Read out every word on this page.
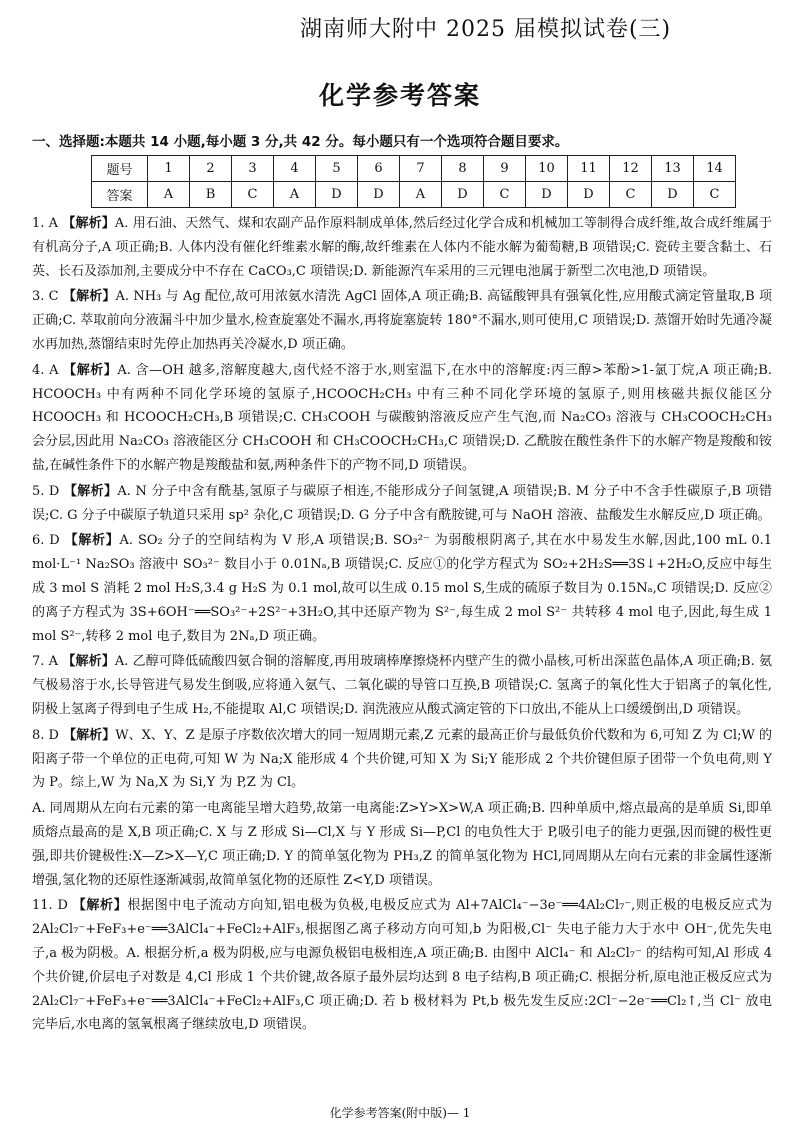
湖南师大附中 2025 届模拟试卷(三)
化学参考答案
一、选择题:本题共 14 小题,每小题 3 分,共 42 分。每小题只有一个选项符合题目要求。
题号	1	2	3	4	5	6	7	8	9	10	11	12	13	14
答案	A	B	C	A	D	D	A	D	C	D	D	C	D	C

1. A 【解析】A. 用石油、天然气、煤和农副产品作原料制成单体,然后经过化学合成和机械加工等制得合成纤维,故合成纤维属于有机高分子,A 项正确;B. 人体内没有催化纤维素水解的酶,故纤维素在人体内不能水解为葡萄糖,B 项错误;C. 瓷砖主要含黏土、石英、长石及添加剂,主要成分中不存在 CaCO₃,C 项错误;D. 新能源汽车采用的三元锂电池属于新型二次电池,D 项错误。

3. C 【解析】A. NH₃ 与 Ag 配位,故可用浓氨水清洗 AgCl 固体,A 项正确;B. 高锰酸钾具有强氧化性,应用酸式滴定管量取,B 项正确;C. 萃取前向分液漏斗中加少量水,检查旋塞处不漏水,再将旋塞旋转 180°不漏水,则可使用,C 项错误;D. 蒸馏开始时先通冷凝水再加热,蒸馏结束时先停止加热再关冷凝水,D 项正确。

4. A 【解析】A. 含—OH 越多,溶解度越大,卤代烃不溶于水,则室温下,在水中的溶解度:丙三醇>苯酚>1-氯丁烷,A 项正确;B. HCOOCH₃ 中有两种不同化学环境的氢原子,HCOOCH₂CH₃ 中有三种不同化学环境的氢原子,则用核磁共振仪能区分 HCOOCH₃ 和 HCOOCH₂CH₃,B 项错误;C. CH₃COOH 与碳酸钠溶液反应产生气泡,而 Na₂CO₃ 溶液与 CH₃COOCH₂CH₃ 会分层,因此用 Na₂CO₃ 溶液能区分 CH₃COOH 和 CH₃COOCH₂CH₃,C 项错误;D. 乙酰胺在酸性条件下的水解产物是羧酸和铵盐,在碱性条件下的水解产物是羧酸盐和氨,两种条件下的产物不同,D 项错误。

5. D 【解析】A. N 分子中含有酰基,氢原子与碳原子相连,不能形成分子间氢键,A 项错误;B. M 分子中不含手性碳原子,B 项错误;C. G 分子中碳原子轨道只采用 sp² 杂化,C 项错误;D. G 分子中含有酰胺键,可与 NaOH 溶液、盐酸发生水解反应,D 项正确。

6. D 【解析】A. SO₂ 分子的空间结构为 V 形,A 项错误;B. SO₃²⁻ 为弱酸根阴离子,其在水中易发生水解,因此,100 mL 0.1 mol·L⁻¹ Na₂SO₃ 溶液中 SO₃²⁻ 数目小于 0.01Nₐ,B 项错误;C. 反应①的化学方程式为 SO₂+2H₂S══3S↓+2H₂O,反应中每生成 3 mol S 消耗 2 mol H₂S,3.4 g H₂S 为 0.1 mol,故可以生成 0.15 mol S,生成的硫原子数目为 0.15Nₐ,C 项错误;D. 反应②的离子方程式为 3S+6OH⁻══SO₃²⁻+2S²⁻+3H₂O,其中还原产物为 S²⁻,每生成 2 mol S²⁻ 共转移 4 mol 电子,因此,每生成 1 mol S²⁻,转移 2 mol 电子,数目为 2Nₐ,D 项正确。

7. A 【解析】A. 乙醇可降低硫酸四氨合铜的溶解度,再用玻璃棒摩擦烧杯内壁产生的微小晶核,可析出深蓝色晶体,A 项正确;B. 氨气极易溶于水,长导管进气易发生倒吸,应将通入氨气、二氧化碳的导管口互换,B 项错误;C. 氢离子的氧化性大于铝离子的氧化性,阴极上氢离子得到电子生成 H₂,不能提取 Al,C 项错误;D. 润洗液应从酸式滴定管的下口放出,不能从上口缓缓倒出,D 项错误。

8. D 【解析】W、X、Y、Z 是原子序数依次增大的同一短周期元素,Z 元素的最高正价与最低负价代数和为 6,可知 Z 为 Cl;W 的阳离子带一个单位的正电荷,可知 W 为 Na;X 能形成 4 个共价键,可知 X 为 Si;Y 能形成 2 个共价键但原子团带一个负电荷,则 Y 为 P。综上,W 为 Na,X 为 Si,Y 为 P,Z 为 Cl。

A. 同周期从左向右元素的第一电离能呈增大趋势,故第一电离能:Z>Y>X>W,A 项正确;B. 四种单质中,熔点最高的是单质 Si,即单质熔点最高的是 X,B 项正确;C. X 与 Z 形成 Si—Cl,X 与 Y 形成 Si—P,Cl 的电负性大于 P,吸引电子的能力更强,因而键的极性更强,即共价键极性:X—Z>X—Y,C 项正确;D. Y 的简单氢化物为 PH₃,Z 的简单氢化物为 HCl,同周期从左向右元素的非金属性逐渐增强,氢化物的还原性逐渐减弱,故简单氢化物的还原性 Z<Y,D 项错误。

11. D 【解析】根据图中电子流动方向知,铝电极为负极,电极反应式为 Al+7AlCl₄⁻−3e⁻══4Al₂Cl₇⁻,则正极的电极反应式为 2Al₂Cl₇⁻+FeF₃+e⁻══3AlCl₄⁻+FeCl₂+AlF₃,根据图乙离子移动方向可知,b 为阳极,Cl⁻ 失电子能力大于水中 OH⁻,优先失电子,a 极为阴极。A. 根据分析,a 极为阴极,应与电源负极铝电极相连,A 项正确;B. 由图中 AlCl₄⁻ 和 Al₂Cl₇⁻ 的结构可知,Al 形成 4 个共价键,价层电子对数是 4,Cl 形成 1 个共价键,故各原子最外层均达到 8 电子结构,B 项正确;C. 根据分析,原电池正极反应式为 2Al₂Cl₇⁻+FeF₃+e⁻══3AlCl₄⁻+FeCl₂+AlF₃,C 项正确;D. 若 b 极材料为 Pt,b 极先发生反应:2Cl⁻−2e⁻══Cl₂↑,当 Cl⁻ 放电完毕后,水电离的氢氧根离子继续放电,D 项错误。

化学参考答案(附中版)— 1
